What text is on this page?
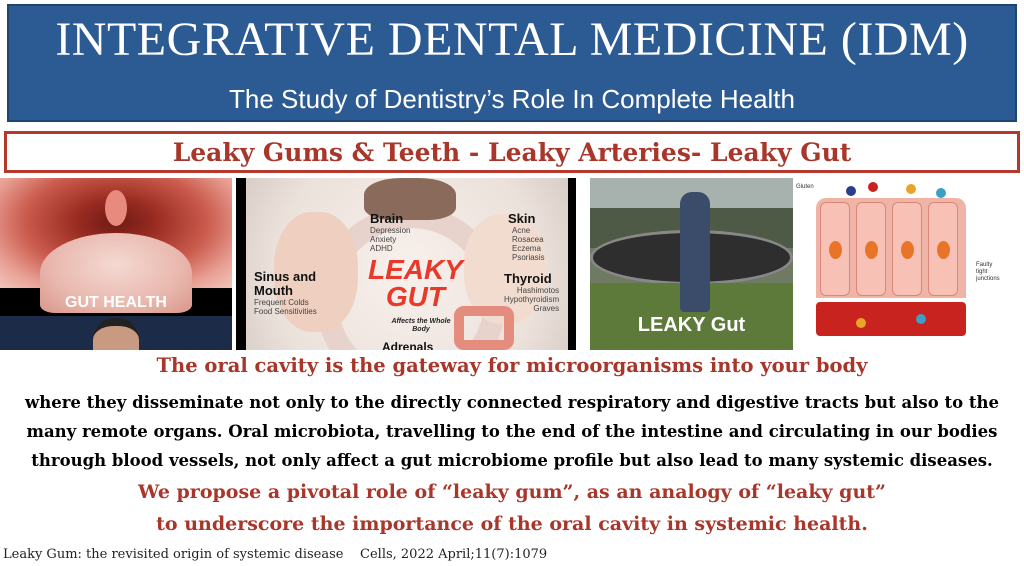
INTEGRATIVE DENTAL MEDICINE (IDM)
The Study of Dentistry’s Role In Complete Health
Leaky Gums & Teeth - Leaky Arteries- Leaky Gut
GUT HEALTH
Brain
Depression
Anxiety
ADHD
Skin
Acne
Rosacea
Eczema
Psoriasis
Sinus and
Mouth
Frequent Colds
Food Sensitivities
Thyroid
Hashimotos
Hypothyroidism
Graves
LEAKY
GUT
Affects the Whole Body
Adrenals
LEAKY Gut
Gluten
Faulty
tight
junctions
The oral cavity is the gateway for microorganisms into your body
where they disseminate not only to the directly connected respiratory and digestive tracts but also to the
many remote organs. Oral microbiota, travelling to the end of the intestine and circulating in our bodies
through blood vessels, not only affect a gut microbiome profile but also lead to many systemic diseases.
We propose a pivotal role of “leaky gum”, as an analogy of “leaky gut”
to underscore the importance of the oral cavity in systemic health.
Leaky Gum: the revisited origin of systemic disease Cells, 2022 April;11(7):1079
